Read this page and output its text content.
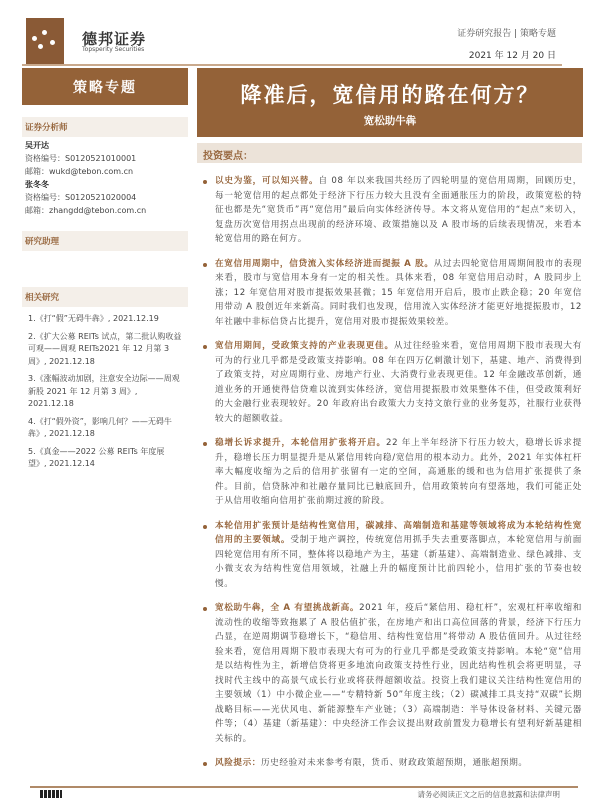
德邦证券
Topsperity Securities
证券研究报告 | 策略专题
2021 年 12 月 20 日
策略专题
证券分析师
吴开达
资格编号：S0120521010001
邮箱：wukd@tebon.com.cn
张冬冬
资格编号：S0120521020004
邮箱：zhangdd@tebon.com.cn
研究助理
相关研究
1.《打“假”无碍牛犇》, 2021.12.19
2.《扩大公募 REITs 试点，第二批认购收益可观——周观 REITs2021 年 12 月第 3 周》, 2021.12.18
3.《涨幅波动加剧，注意安全边际——周观新股 2021 年 12 月第 3 周》, 2021.12.18
4.《打“假外资”，影响几何？——无碍牛犇》, 2021.12.18
5.《真金——2022 公募 REITs 年度展望》, 2021.12.14
降准后，宽信用的路在何方？
宽松助牛犇
投资要点：
以史为鉴，可以知兴替。自 08 年以来我国共经历了四轮明显的宽信用周期，回顾历史，每一轮宽信用的起点都处于经济下行压力较大且没有全面通胀压力的阶段，政策宽松的特征也都是先“宽货币”再“宽信用”最后向实体经济传导。本文将从宽信用的“起点”来切入，复盘历次宽信用拐点出现前的经济环境、政策措施以及 A 股市场的后续表现情况，来看本轮宽信用的路在何方。
在宽信用周期中，信贷流入实体经济进而提振 A 股。从过去四轮宽信用周期间股市的表现来看，股市与宽信用本身有一定的相关性。具体来看，08 年宽信用启动时，A 股同步上涨；12 年宽信用对股市提振效果甚微；15 年宽信用开启后，股市止跌企稳；20 年宽信用带动 A 股创近年来新高。同时我们也发现，信用流入实体经济才能更好地提振股市，12 年社融中非标信贷占比提升，宽信用对股市提振效果较差。
宽信用期间，受政策支持的产业表现更佳。从过往经验来看，宽信用周期下股市表现大有可为的行业几乎都是受政策支持影响。08 年在四万亿刺激计划下，基建、地产、消费得到了政策支持，对应周期行业、房地产行业、大消费行业表现更佳。12 年金融改革创新，通道业务的开通使得信贷难以流到实体经济，宽信用提振股市效果整体不佳，但受政策利好的大金融行业表现较好。20 年政府出台政策大力支持文旅行业的业务复苏，社服行业获得较大的超额收益。
稳增长诉求提升，本轮信用扩张将开启。22 年上半年经济下行压力较大，稳增长诉求提升，稳增长压力明显提升是从紧信用转向稳/宽信用的根本动力。此外，2021 年实体杠杆率大幅度收缩为之后的信用扩张留有一定的空间，高通胀的缓和也为信用扩张提供了条件。目前，信贷脉冲和社融存量同比已触底回升，信用政策转向有望落地，我们可能正处于从信用收缩向信用扩张前期过渡的阶段。
本轮信用扩张预计是结构性宽信用，碳减排、高端制造和基建等领域将成为本轮结构性宽信用的主要领域。受制于地产调控，传统宽信用抓手失去重要落脚点，本轮宽信用与前面四轮宽信用有所不同，整体将以稳地产为主，基建（新基建）、高端制造业、绿色减排、支小微支农为结构性宽信用领域，社融上升的幅度预计比前四轮小，信用扩张的节奏也较慢。
宽松助牛犇，全 A 有望挑战新高。2021 年，疫后“紧信用、稳杠杆”，宏观杠杆率收缩和流动性的收缩等致拖累了 A 股估值扩张，在房地产和出口高位回落的背景，经济下行压力凸显，在逆周期调节稳增长下，“稳信用、结构性宽信用”将带动 A 股估值回升。从过往经验来看，宽信用周期下股市表现大有可为的行业几乎都是受政策支持影响。本轮“宽”信用是以结构性为主，新增信贷将更多地流向政策支持性行业，因此结构性机会将更明显，寻找时代主线中的高景气成长行业或将获得超额收益。投资上我们建议关注结构性宽信用的主要领域（1）中小微企业——“专精特新 50”年度主线；（2）碳减排工具支持“双碳”长期战略目标——光伏风电、新能源整车产业链；（3）高端制造：半导体设备材料、关键元器件等；（4）基建（新基建）：中央经济工作会议提出财政前置发力稳增长有望利好新基建相关标的。
风险提示：历史经验对未来参考有限，货币、财政政策超预期，通胀超预期。
请务必阅读正文之后的信息披露和法律声明
